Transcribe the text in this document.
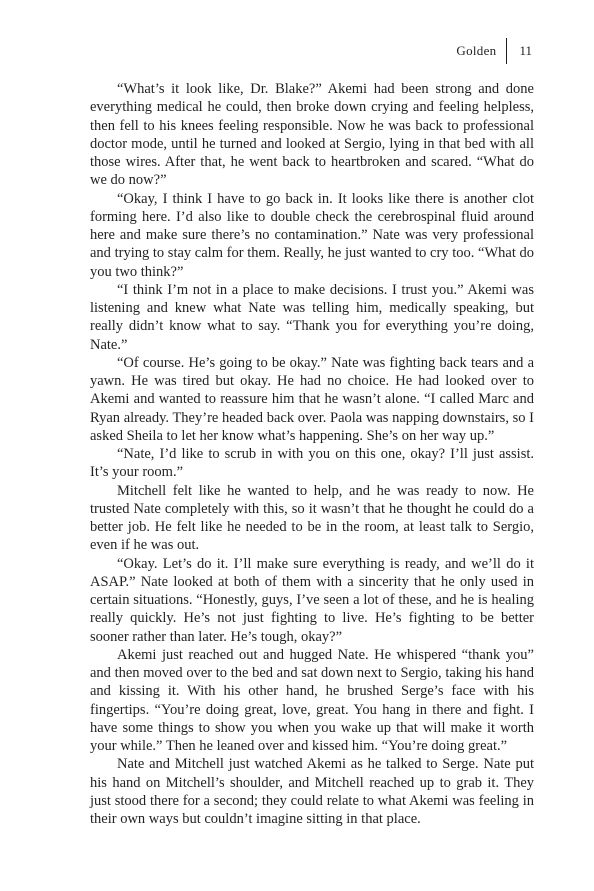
Golden	11

“What’s it look like, Dr. Blake?” Akemi had been strong and done everything medical he could, then broke down crying and feeling helpless, then fell to his knees feeling responsible. Now he was back to professional doctor mode, until he turned and looked at Sergio, lying in that bed with all those wires. After that, he went back to heartbroken and scared. “What do we do now?”

“Okay, I think I have to go back in. It looks like there is another clot forming here. I’d also like to double check the cerebrospinal fluid around here and make sure there’s no contamination.” Nate was very professional and trying to stay calm for them. Really, he just wanted to cry too. “What do you two think?”

“I think I’m not in a place to make decisions. I trust you.” Akemi was listening and knew what Nate was telling him, medically speaking, but really didn’t know what to say. “Thank you for everything you’re doing, Nate.”

“Of course. He’s going to be okay.” Nate was fighting back tears and a yawn. He was tired but okay. He had no choice. He had looked over to Akemi and wanted to reassure him that he wasn’t alone. “I called Marc and Ryan already. They’re headed back over. Paola was napping downstairs, so I asked Sheila to let her know what’s happening. She’s on her way up.”

“Nate, I’d like to scrub in with you on this one, okay? I’ll just assist. It’s your room.”

Mitchell felt like he wanted to help, and he was ready to now. He trusted Nate completely with this, so it wasn’t that he thought he could do a better job. He felt like he needed to be in the room, at least talk to Sergio, even if he was out.

“Okay. Let’s do it. I’ll make sure everything is ready, and we’ll do it ASAP.” Nate looked at both of them with a sincerity that he only used in certain situations. “Honestly, guys, I’ve seen a lot of these, and he is healing really quickly. He’s not just fighting to live. He’s fighting to be better sooner rather than later. He’s tough, okay?”

Akemi just reached out and hugged Nate. He whispered “thank you” and then moved over to the bed and sat down next to Sergio, taking his hand and kissing it. With his other hand, he brushed Serge’s face with his fingertips. “You’re doing great, love, great. You hang in there and fight. I have some things to show you when you wake up that will make it worth your while.” Then he leaned over and kissed him. “You’re doing great.”

Nate and Mitchell just watched Akemi as he talked to Serge. Nate put his hand on Mitchell’s shoulder, and Mitchell reached up to grab it. They just stood there for a second; they could relate to what Akemi was feeling in their own ways but couldn’t imagine sitting in that place.
